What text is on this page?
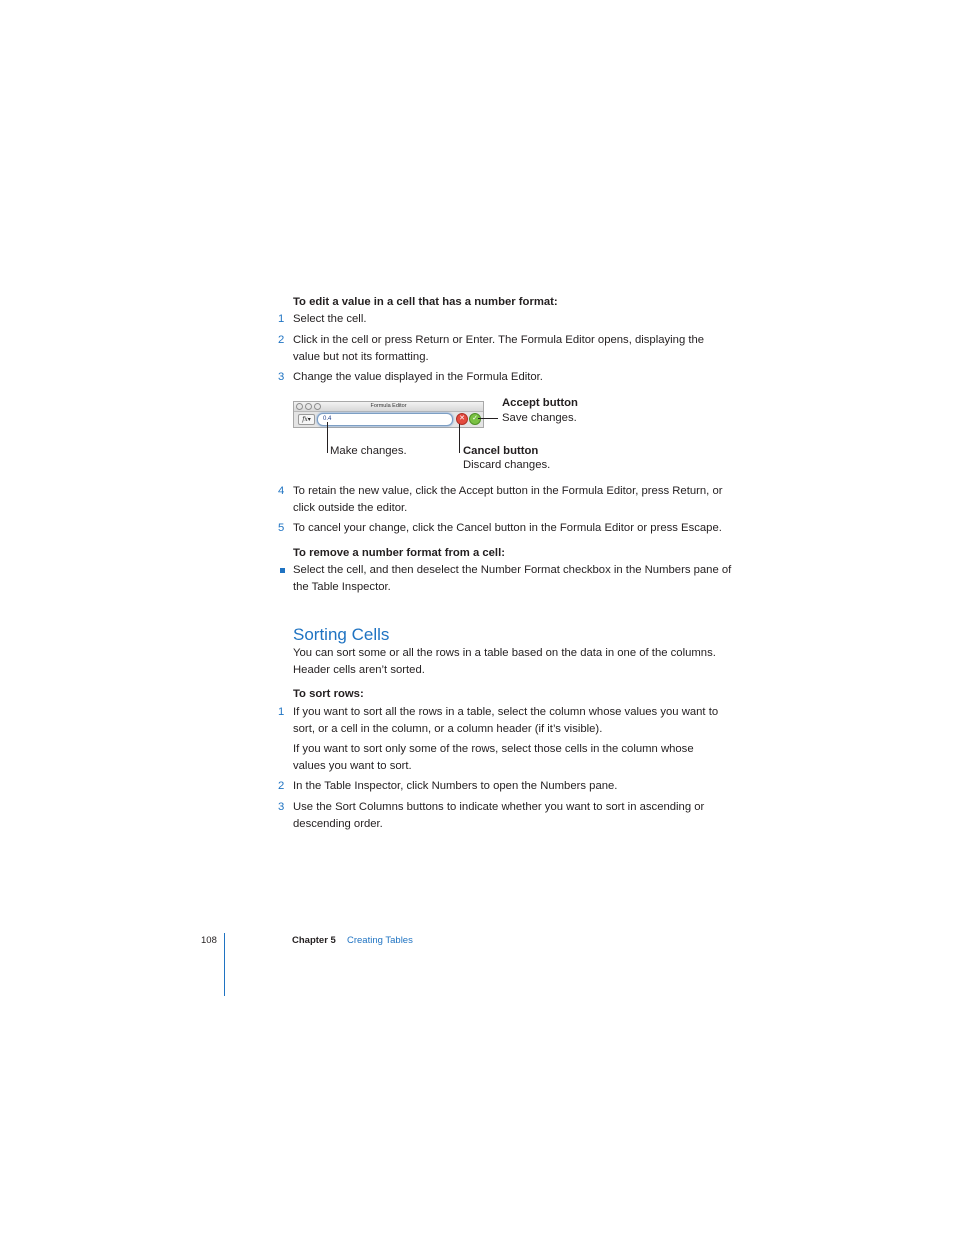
To edit a value in a cell that has a number format:
1 Select the cell.
2 Click in the cell or press Return or Enter. The Formula Editor opens, displaying the value but not its formatting.
3 Change the value displayed in the Formula Editor.
Formula Editor
fx▾	0.4	✕	✓
Accept button
Save changes.
Make changes.	Cancel button
Discard changes.
4 To retain the new value, click the Accept button in the Formula Editor, press Return, or click outside the editor.
5 To cancel your change, click the Cancel button in the Formula Editor or press Escape.
To remove a number format from a cell:
Select the cell, and then deselect the Number Format checkbox in the Numbers pane of the Table Inspector.
Sorting Cells
You can sort some or all the rows in a table based on the data in one of the columns. Header cells aren’t sorted.
To sort rows:
1 If you want to sort all the rows in a table, select the column whose values you want to sort, or a cell in the column, or a column header (if it’s visible).
If you want to sort only some of the rows, select those cells in the column whose values you want to sort.
2 In the Table Inspector, click Numbers to open the Numbers pane.
3 Use the Sort Columns buttons to indicate whether you want to sort in ascending or descending order.
108	Chapter 5 Creating Tables
